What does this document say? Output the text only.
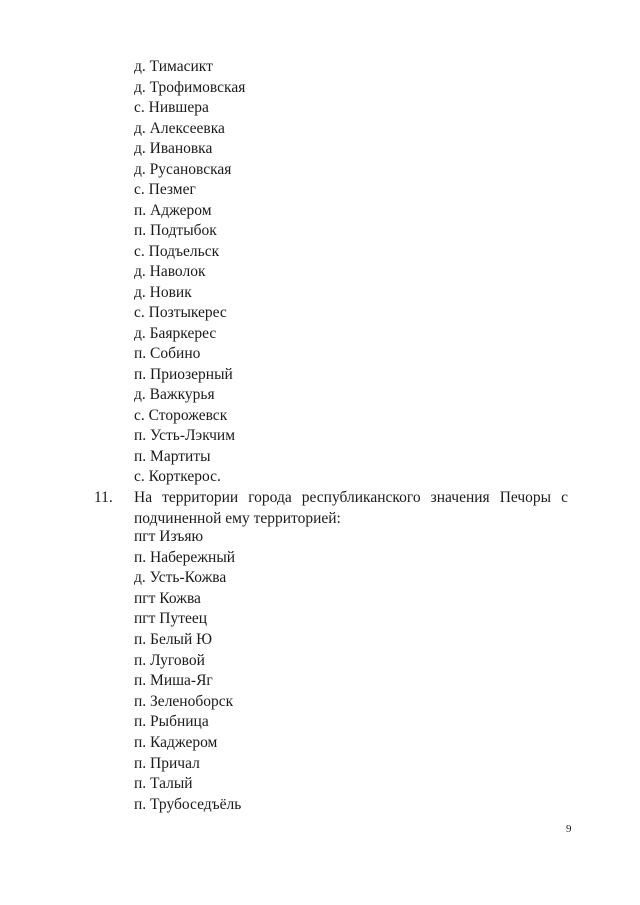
д. Тимасикт
д. Трофимовская
с. Нившера
д. Алексеевка
д. Ивановка
д. Русановская
с. Пезмег
п. Аджером
п. Подтыбок
с. Подъельск
д. Наволок
д. Новик
с. Позтыкерес
д. Баяркерес
п. Собино
п. Приозерный
д. Важкурья
с. Сторожевск
п. Усть-Лэкчим
п. Мартиты
с. Корткерос.
11. На территории города республиканского значения Печоры с подчиненной ему территорией:
пгт Изъяю
п. Набережный
д. Усть-Кожва
пгт Кожва
пгт Путеец
п. Белый Ю
п. Луговой
п. Миша-Яг
п. Зеленоборск
п. Рыбница
п. Каджером
п. Причал
п. Талый
п. Трубоседъёль
9
